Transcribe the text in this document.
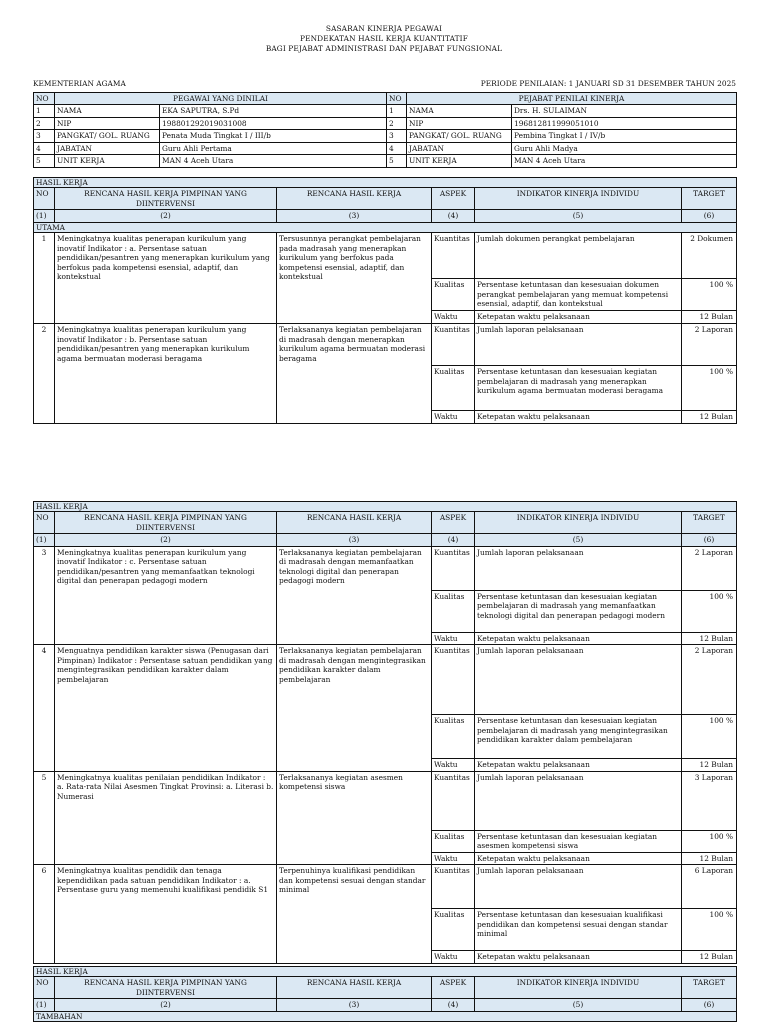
SASARAN KINERJA PEGAWAI
PENDEKATAN HASIL KERJA KUANTITATIF
BAGI PEJABAT ADMINISTRASI DAN PEJABAT FUNGSIONAL
KEMENTERIAN AGAMA	PERIODE PENILAIAN: 1 JANUARI SD 31 DESEMBER TAHUN 2025
NO	PEGAWAI YANG DINILAI		NO	PEJABAT PENILAI KINERJA	
1	NAMA	EKA SAPUTRA, S.Pd	1	NAMA	Drs. H. SULAIMAN
2	NIP	198801292019031008	2	NIP	196812811999051010
3	PANGKAT/ GOL. RUANG	Penata Muda Tingkat I / III/b	3	PANGKAT/ GOL. RUANG	Pembina Tingkat I / IV/b
4	JABATAN	Guru Ahli Pertama	4	JABATAN	Guru Ahli Madya
5	UNIT KERJA	MAN 4 Aceh Utara	5	UNIT KERJA	MAN 4 Aceh Utara
HASIL KERJA					
NO	RENCANA HASIL KERJA PIMPINAN YANG DIINTERVENSI	RENCANA HASIL KERJA	ASPEK	INDIKATOR KINERJA INDIVIDU	TARGET
(1)	(2)	(3)	(4)	(5)	(6)
UTAMA					
1	Meningkatnya kualitas penerapan kurikulum yang inovatif Indikator : a. Persentase satuan pendidikan/pesantren yang menerapkan kurikulum yang berfokus pada kompetensi esensial, adaptif, dan kontekstual	Tersusunnya perangkat pembelajaran pada madrasah yang menerapkan kurikulum yang berfokus pada kompetensi esensial, adaptif, dan kontekstual	Kuantitas	Jumlah dokumen perangkat pembelajaran	2 Dokumen
			Kualitas	Persentase ketuntasan dan kesesuaian dokumen perangkat pembelajaran yang memuat kompetensi esensial, adaptif, dan kontekstual	100 %
			Waktu	Ketepatan waktu pelaksanaan	12 Bulan
2	Meningkatnya kualitas penerapan kurikulum yang inovatif Indikator : b. Persentase satuan pendidikan/pesantren yang menerapkan kurikulum agama bermuatan moderasi beragama	Terlaksananya kegiatan pembelajaran di madrasah dengan menerapkan kurikulum agama bermuatan moderasi beragama	Kuantitas	Jumlah laporan pelaksanaan	2 Laporan
			Kualitas	Persentase ketuntasan dan kesesuaian kegiatan pembelajaran di madrasah yang menerapkan kurikulum agama bermuatan moderasi beragama	100 %
			Waktu	Ketepatan waktu pelaksanaan	12 Bulan
HASIL KERJA					
NO	RENCANA HASIL KERJA PIMPINAN YANG DIINTERVENSI	RENCANA HASIL KERJA	ASPEK	INDIKATOR KINERJA INDIVIDU	TARGET
(1)	(2)	(3)	(4)	(5)	(6)
3	Meningkatnya kualitas penerapan kurikulum yang inovatif Indikator : c. Persentase satuan pendidikan/pesantren yang memanfaatkan teknologi digital dan penerapan pedagogi modern	Terlaksananya kegiatan pembelajaran di madrasah dengan memanfaatkan teknologi digital dan penerapan pedagogi modern	Kuantitas	Jumlah laporan pelaksanaan	2 Laporan
			Kualitas	Persentase ketuntasan dan kesesuaian kegiatan pembelajaran di madrasah yang memanfaatkan teknologi digital dan penerapan pedagogi modern	100 %
			Waktu	Ketepatan waktu pelaksanaan	12 Bulan
4	Menguatnya pendidikan karakter siswa (Penugasan dari Pimpinan) Indikator : Persentase satuan pendidikan yang mengintegrasikan pendidikan karakter dalam pembelajaran	Terlaksananya kegiatan pembelajaran di madrasah dengan mengintegrasikan pendidikan karakter dalam pembelajaran	Kuantitas	Jumlah laporan pelaksanaan	2 Laporan
			Kualitas	Persentase ketuntasan dan kesesuaian kegiatan pembelajaran di madrasah yang mengintegrasikan pendidikan karakter dalam pembelajaran	100 %
			Waktu	Ketepatan waktu pelaksanaan	12 Bulan
5	Meningkatnya kualitas penilaian pendidikan Indikator : a. Rata-rata Nilai Asesmen Tingkat Provinsi: a. Literasi b. Numerasi	Terlaksananya kegiatan asesmen kompetensi siswa	Kuantitas	Jumlah laporan pelaksanaan	3 Laporan
			Kualitas	Persentase ketuntasan dan kesesuaian kegiatan asesmen kompetensi siswa	100 %
			Waktu	Ketepatan waktu pelaksanaan	12 Bulan
6	Meningkatnya kualitas pendidik dan tenaga kependidikan pada satuan pendidikan Indikator : a. Persentase guru yang memenuhi kualifikasi pendidik S1	Terpenuhinya kualifikasi pendidikan dan kompetensi sesuai dengan standar minimal	Kuantitas	Jumlah laporan pelaksanaan	6 Laporan
			Kualitas	Persentase ketuntasan dan kesesuaian kualifikasi pendidikan dan kompetensi sesuai dengan standar minimal	100 %
			Waktu	Ketepatan waktu pelaksanaan	12 Bulan
HASIL KERJA					
NO	RENCANA HASIL KERJA PIMPINAN YANG DIINTERVENSI	RENCANA HASIL KERJA	ASPEK	INDIKATOR KINERJA INDIVIDU	TARGET
(1)	(2)	(3)	(4)	(5)	(6)
TAMBAHAN					
